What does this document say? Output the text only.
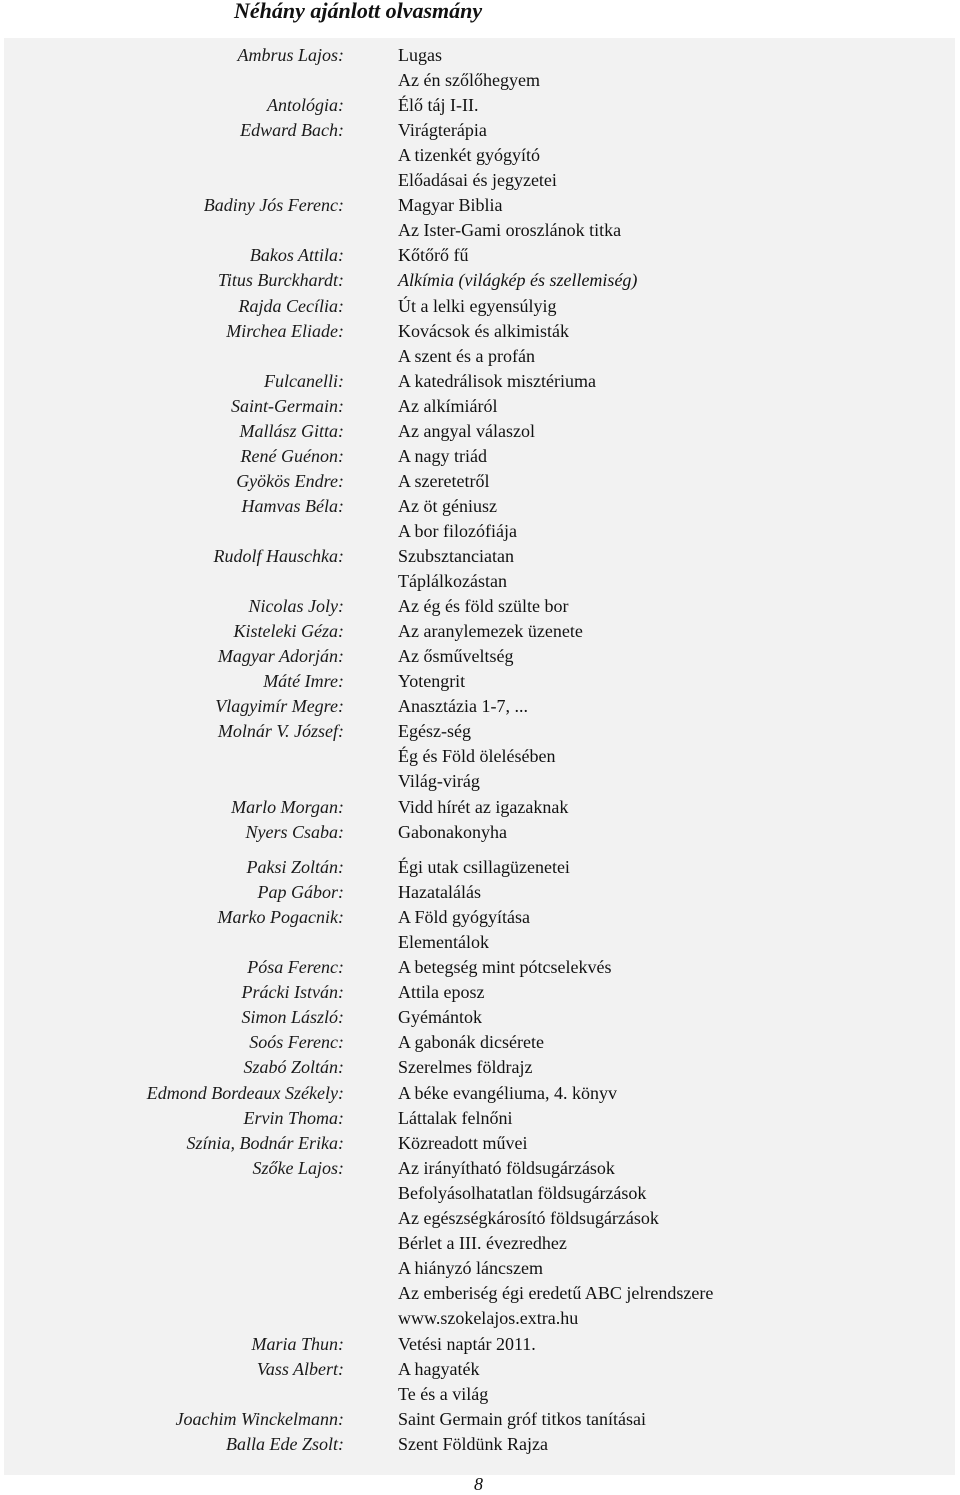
Néhány ajánlott olvasmány
Ambrus Lajos:	Lugas
Az én szőlőhegyem
Antológia:	Élő táj I-II.
Edward Bach:	Virágterápia
A tizenkét gyógyító
Előadásai és jegyzetei
Badiny Jós Ferenc:	Magyar Biblia
Az Ister-Gami oroszlánok titka
Bakos Attila:	Kőtőrő fű
Titus Burckhardt:	Alkímia (világkép és szellemiség)
Rajda Cecília:	Út a lelki egyensúlyig
Mirchea Eliade:	Kovácsok és alkimisták
A szent és a profán
Fulcanelli:	A katedrálisok misztériuma
Saint-Germain:	Az alkímiáról
Mallász Gitta:	Az angyal válaszol
René Guénon:	A nagy triád
Gyökös Endre:	A szeretetről
Hamvas Béla:	Az öt géniusz
A bor filozófiája
Rudolf Hauschka:	Szubsztanciatan
Táplálkozástan
Nicolas Joly:	Az ég és föld szülte bor
Kisteleki Géza:	Az aranylemezek üzenete
Magyar Adorján:	Az ősműveltség
Máté Imre:	Yotengrit
Vlagyimír Megre:	Anasztázia 1-7, ...
Molnár V. József:	Egész-ség
Ég és Föld ölelésében
Világ-virág
Marlo Morgan:	Vidd hírét az igazaknak
Nyers Csaba:	Gabonakonyha
Paksi Zoltán:	Égi utak csillagüzenetei
Pap Gábor:	Hazatalálás
Marko Pogacnik:	A Föld gyógyítása
Elementálok
Pósa Ferenc:	A betegség mint pótcselekvés
Prácki István:	Attila eposz
Simon László:	Gyémántok
Soós Ferenc:	A gabonák dicsérete
Szabó Zoltán:	Szerelmes földrajz
Edmond Bordeaux Székely:	A béke evangéliuma, 4. könyv
Ervin Thoma:	Láttalak felnőni
Színia, Bodnár Erika:	Közreadott művei
Szőke Lajos:	Az irányítható földsugárzások
Befolyásolhatatlan földsugárzások
Az egészségkárosító földsugárzások
Bérlet a III. évezredhez
A hiányzó láncszem
Az emberiség égi eredetű ABC jelrendszere
www.szokelajos.extra.hu
Maria Thun:	Vetési naptár 2011.
Vass Albert:	A hagyaték
Te és a világ
Joachim Winckelmann:	Saint Germain gróf titkos tanításai
Balla Ede Zsolt:	Szent Földünk Rajza
8
